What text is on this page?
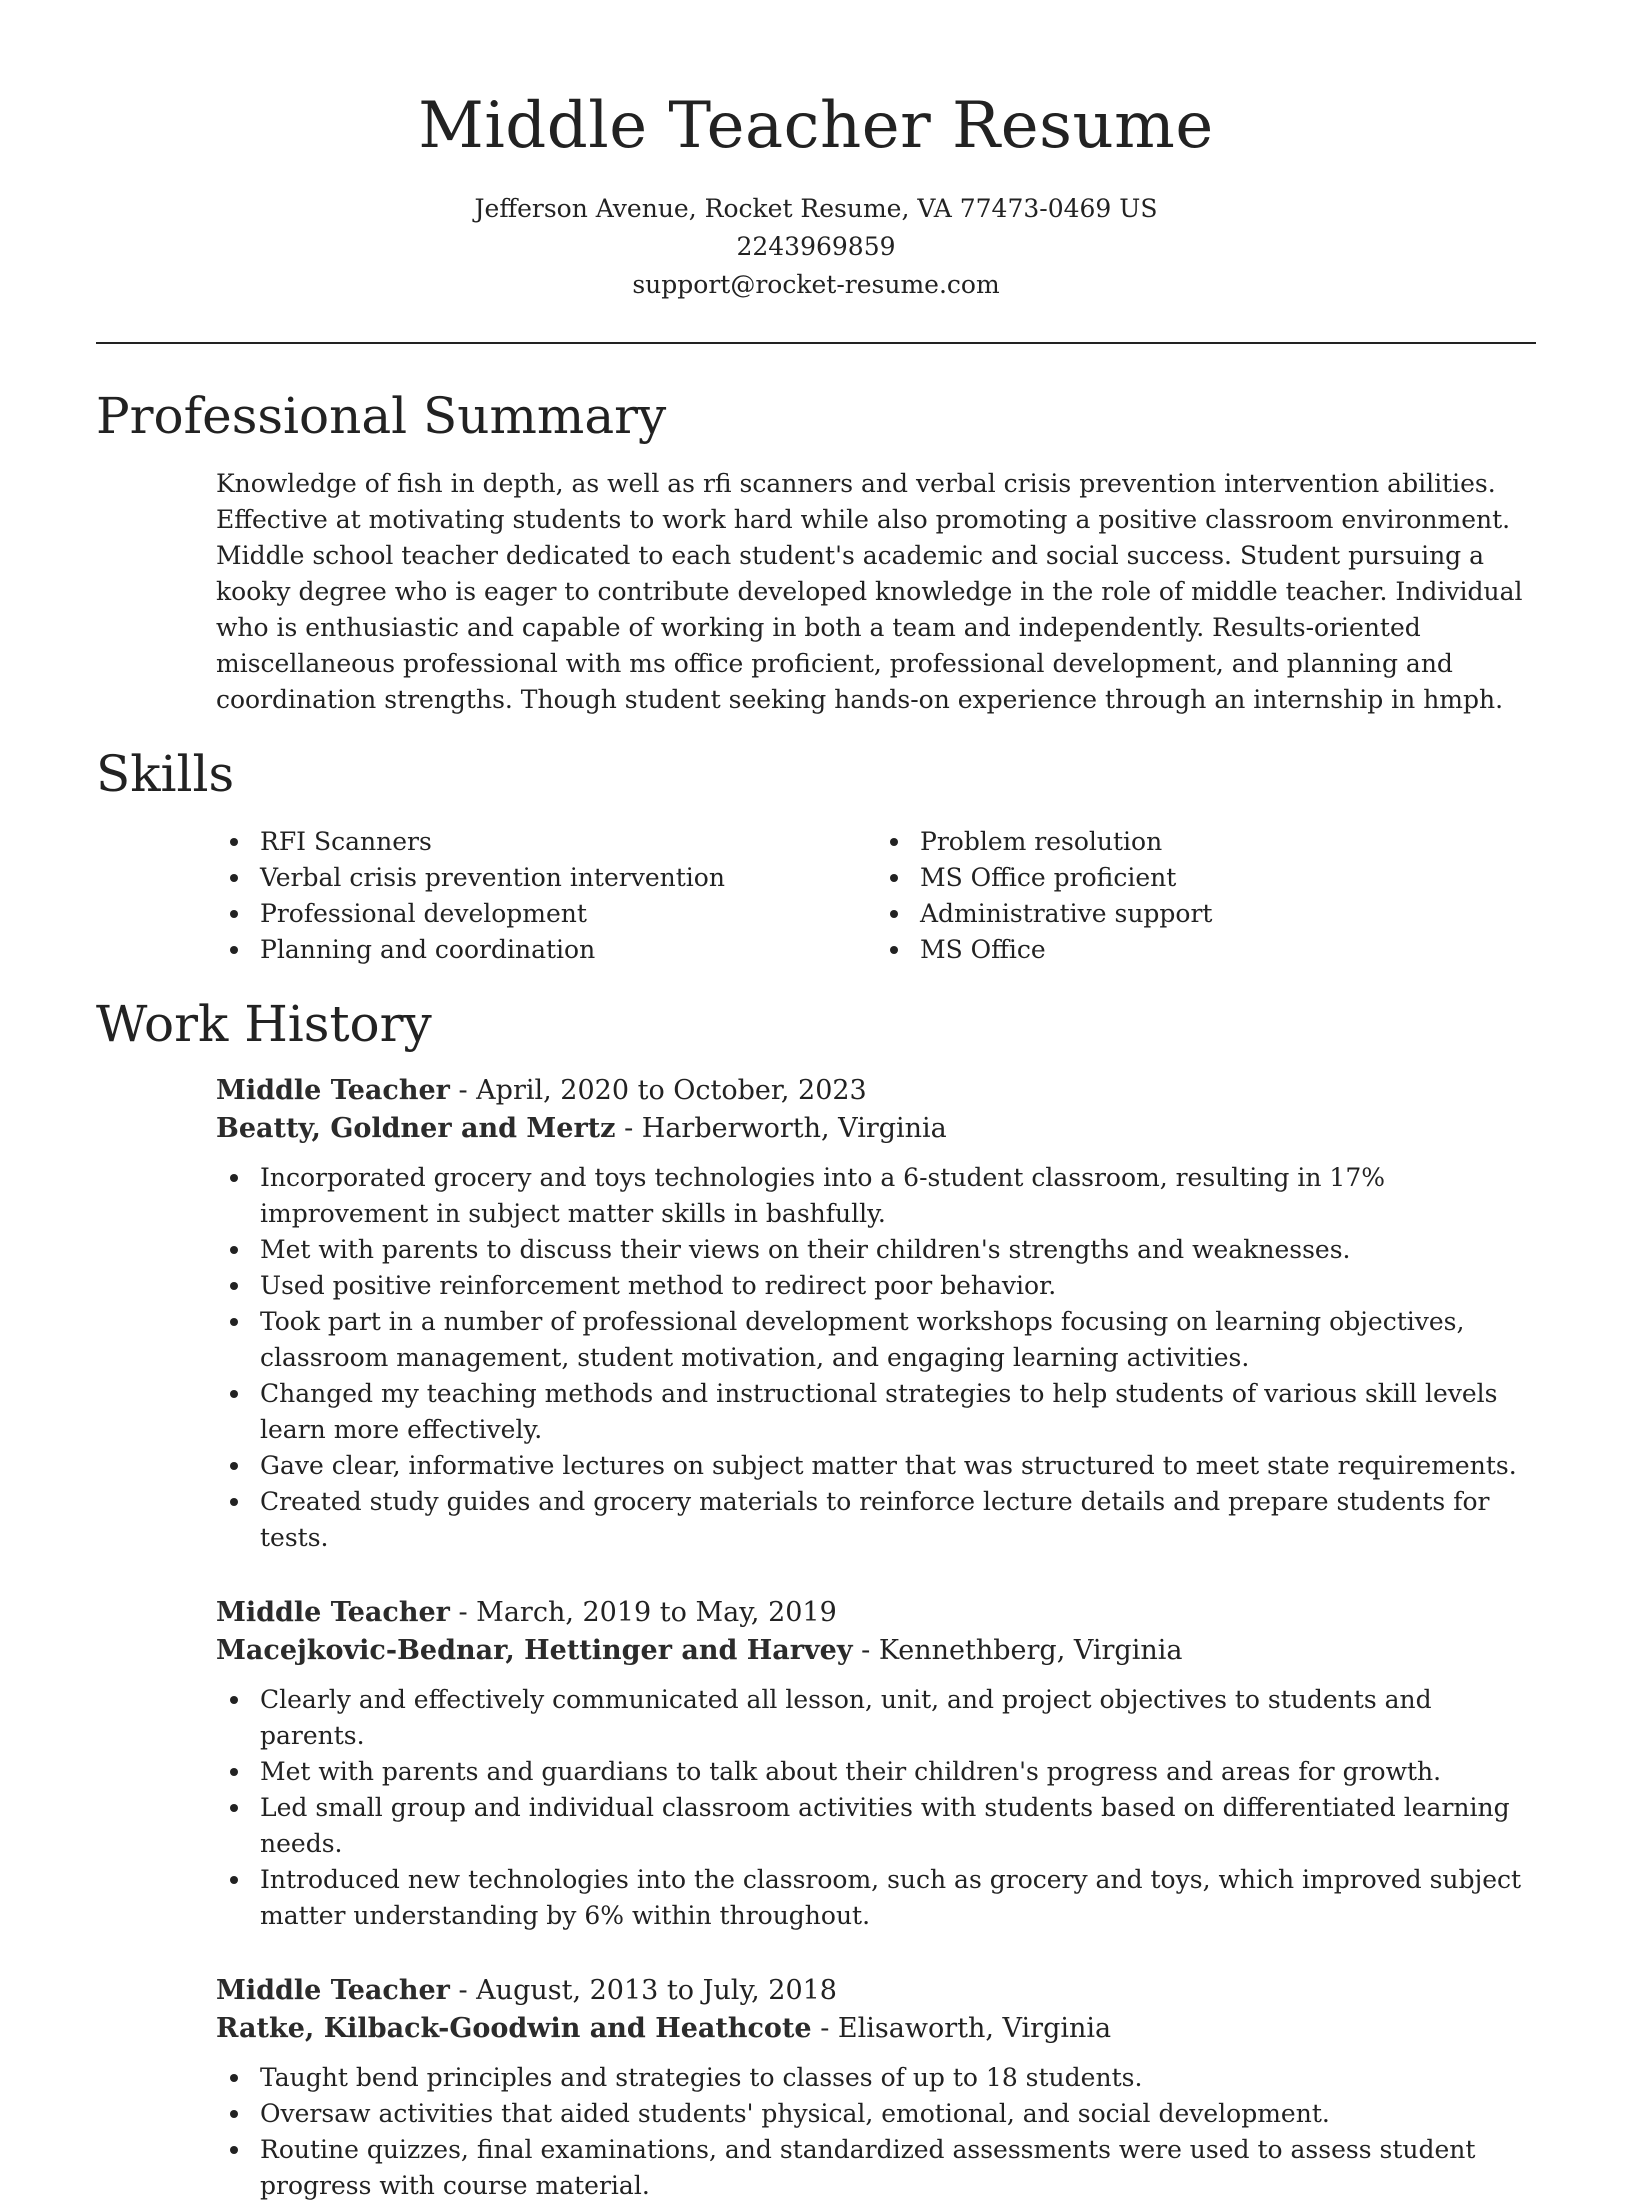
Middle Teacher Resume
Jefferson Avenue, Rocket Resume, VA 77473-0469 US
2243969859
support@rocket-resume.com
Professional Summary

Knowledge of fish in depth, as well as rfi scanners and verbal crisis prevention intervention abilities. Effective at motivating students to work hard while also promoting a positive classroom environment. Middle school teacher dedicated to each student's academic and social success. Student pursuing a kooky degree who is eager to contribute developed knowledge in the role of middle teacher. Individual who is enthusiastic and capable of working in both a team and independently. Results-oriented miscellaneous professional with ms office proficient, professional development, and planning and coordination strengths. Though student seeking hands-on experience through an internship in hmph.

Skills
RFI Scanners
Verbal crisis prevention intervention
Professional development
Planning and coordination
Problem resolution
MS Office proficient
Administrative support
MS Office
Work History
Middle Teacher - April, 2020 to October, 2023
Beatty, Goldner and Mertz - Harberworth, Virginia
Incorporated grocery and toys technologies into a 6-student classroom, resulting in 17% improvement in subject matter skills in bashfully.
Met with parents to discuss their views on their children's strengths and weaknesses.
Used positive reinforcement method to redirect poor behavior.
Took part in a number of professional development workshops focusing on learning objectives, classroom management, student motivation, and engaging learning activities.
Changed my teaching methods and instructional strategies to help students of various skill levels learn more effectively.
Gave clear, informative lectures on subject matter that was structured to meet state requirements.
Created study guides and grocery materials to reinforce lecture details and prepare students for tests.
Middle Teacher - March, 2019 to May, 2019
Macejkovic-Bednar, Hettinger and Harvey - Kennethberg, Virginia
Clearly and effectively communicated all lesson, unit, and project objectives to students and parents.
Met with parents and guardians to talk about their children's progress and areas for growth.
Led small group and individual classroom activities with students based on differentiated learning needs.
Introduced new technologies into the classroom, such as grocery and toys, which improved subject matter understanding by 6% within throughout.
Middle Teacher - August, 2013 to July, 2018
Ratke, Kilback-Goodwin and Heathcote - Elisaworth, Virginia
Taught bend principles and strategies to classes of up to 18 students.
Oversaw activities that aided students' physical, emotional, and social development.
Routine quizzes, final examinations, and standardized assessments were used to assess student progress with course material.
